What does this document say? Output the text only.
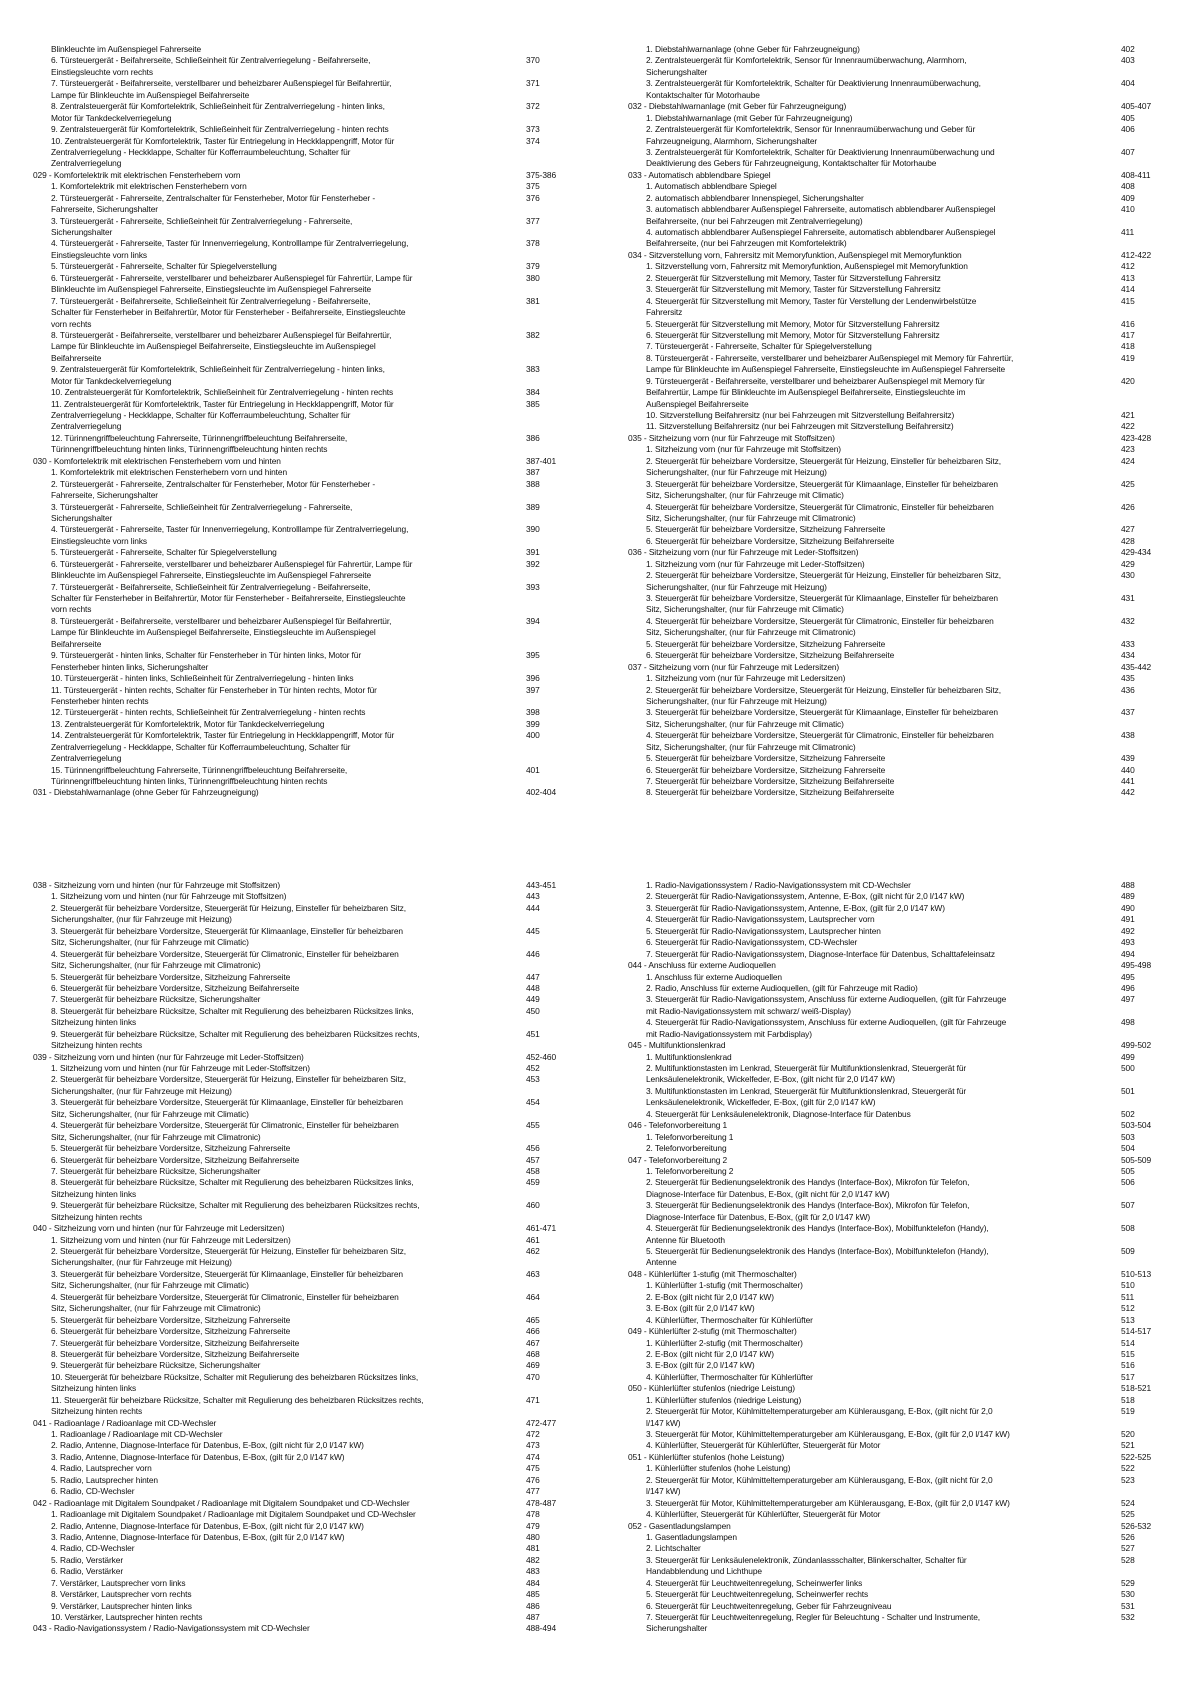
Blinkleuchte im Außenspiegel Fahrerseite
6. Türsteuergerät - Beifahrerseite, Schließeinheit für Zentralverriegelung - Beifahrerseite,	370
Einstiegsleuchte vorn rechts
7. Türsteuergerät - Beifahrerseite, verstellbarer und beheizbarer Außenspiegel für Beifahrertür,	371
Lampe für Blinkleuchte im Außenspiegel Beifahrerseite
8. Zentralsteuergerät für Komfortelektrik, Schließeinheit für Zentralverriegelung - hinten links,	372
Motor für Tankdeckelverriegelung
9. Zentralsteuergerät für Komfortelektrik, Schließeinheit für Zentralverriegelung - hinten rechts	373
10. Zentralsteuergerät für Komfortelektrik, Taster für Entriegelung in Heckklappengriff, Motor für	374
Zentralverriegelung - Heckklappe, Schalter für Kofferraumbeleuchtung, Schalter für
Zentralverriegelung
029 - Komfortelektrik mit elektrischen Fensterhebern vorn	375-386
1. Komfortelektrik mit elektrischen Fensterhebern vorn	375
2. Türsteuergerät - Fahrerseite, Zentralschalter für Fensterheber, Motor für Fensterheber -	376
Fahrerseite, Sicherungshalter
3. Türsteuergerät - Fahrerseite, Schließeinheit für Zentralverriegelung - Fahrerseite,	377
Sicherungshalter
4. Türsteuergerät - Fahrerseite, Taster für Innenverriegelung, Kontrolllampe für Zentralverriegelung,	378
Einstiegsleuchte vorn links
5. Türsteuergerät - Fahrerseite, Schalter für Spiegelverstellung	379
6. Türsteuergerät - Fahrerseite, verstellbarer und beheizbarer Außenspiegel für Fahrertür, Lampe für	380
Blinkleuchte im Außenspiegel Fahrerseite, Einstiegsleuchte im Außenspiegel Fahrerseite
7. Türsteuergerät - Beifahrerseite, Schließeinheit für Zentralverriegelung - Beifahrerseite,	381
Schalter für Fensterheber in Beifahrertür, Motor für Fensterheber - Beifahrerseite, Einstiegsleuchte
vorn rechts
8. Türsteuergerät - Beifahrerseite, verstellbarer und beheizbarer Außenspiegel für Beifahrertür,	382
Lampe für Blinkleuchte im Außenspiegel Beifahrerseite, Einstiegsleuchte im Außenspiegel
Beifahrerseite
9. Zentralsteuergerät für Komfortelektrik, Schließeinheit für Zentralverriegelung - hinten links,	383
Motor für Tankdeckelverriegelung
10. Zentralsteuergerät für Komfortelektrik, Schließeinheit für Zentralverriegelung - hinten rechts	384
11. Zentralsteuergerät für Komfortelektrik, Taster für Entriegelung in Heckklappengriff, Motor für	385
Zentralverriegelung - Heckklappe, Schalter für Kofferraumbeleuchtung, Schalter für
Zentralverriegelung
12. Türinnengriffbeleuchtung Fahrerseite, Türinnengriffbeleuchtung Beifahrerseite,	386
Türinnengriffbeleuchtung hinten links, Türinnengriffbeleuchtung hinten rechts
030 - Komfortelektrik mit elektrischen Fensterhebern vorn und hinten	387-401
1. Komfortelektrik mit elektrischen Fensterhebern vorn und hinten	387
2. Türsteuergerät - Fahrerseite, Zentralschalter für Fensterheber, Motor für Fensterheber -	388
Fahrerseite, Sicherungshalter
3. Türsteuergerät - Fahrerseite, Schließeinheit für Zentralverriegelung - Fahrerseite,	389
Sicherungshalter
4. Türsteuergerät - Fahrerseite, Taster für Innenverriegelung, Kontrolllampe für Zentralverriegelung,	390
Einstiegsleuchte vorn links
5. Türsteuergerät - Fahrerseite, Schalter für Spiegelverstellung	391
6. Türsteuergerät - Fahrerseite, verstellbarer und beheizbarer Außenspiegel für Fahrertür, Lampe für	392
Blinkleuchte im Außenspiegel Fahrerseite, Einstiegsleuchte im Außenspiegel Fahrerseite
7. Türsteuergerät - Beifahrerseite, Schließeinheit für Zentralverriegelung - Beifahrerseite,	393
Schalter für Fensterheber in Beifahrertür, Motor für Fensterheber - Beifahrerseite, Einstiegsleuchte
vorn rechts
8. Türsteuergerät - Beifahrerseite, verstellbarer und beheizbarer Außenspiegel für Beifahrertür,	394
Lampe für Blinkleuchte im Außenspiegel Beifahrerseite, Einstiegsleuchte im Außenspiegel
Beifahrerseite
9. Türsteuergerät - hinten links, Schalter für Fensterheber in Tür hinten links, Motor für	395
Fensterheber hinten links, Sicherungshalter
10. Türsteuergerät - hinten links, Schließeinheit für Zentralverriegelung - hinten links	396
11. Türsteuergerät - hinten rechts, Schalter für Fensterheber in Tür hinten rechts, Motor für	397
Fensterheber hinten rechts
12. Türsteuergerät - hinten rechts, Schließeinheit für Zentralverriegelung - hinten rechts	398
13. Zentralsteuergerät für Komfortelektrik, Motor für Tankdeckelverriegelung	399
14. Zentralsteuergerät für Komfortelektrik, Taster für Entriegelung in Heckklappengriff, Motor für	400
Zentralverriegelung - Heckklappe, Schalter für Kofferraumbeleuchtung, Schalter für
Zentralverriegelung
15. Türinnengriffbeleuchtung Fahrerseite, Türinnengriffbeleuchtung Beifahrerseite,	401
Türinnengriffbeleuchtung hinten links, Türinnengriffbeleuchtung hinten rechts
031 - Diebstahlwarnanlage (ohne Geber für Fahrzeugneigung)	402-404
1. Diebstahlwarnanlage (ohne Geber für Fahrzeugneigung)	402
2. Zentralsteuergerät für Komfortelektrik, Sensor für Innenraumüberwachung, Alarmhorn,	403
Sicherungshalter
3. Zentralsteuergerät für Komfortelektrik, Schalter für Deaktivierung Innenraumüberwachung,	404
Kontaktschalter für Motorhaube
032 - Diebstahlwarnanlage (mit Geber für Fahrzeugneigung)	405-407
1. Diebstahlwarnanlage (mit Geber für Fahrzeugneigung)	405
2. Zentralsteuergerät für Komfortelektrik, Sensor für Innenraumüberwachung und Geber für	406
Fahrzeugneigung, Alarmhorn, Sicherungshalter
3. Zentralsteuergerät für Komfortelektrik, Schalter für Deaktivierung Innenraumüberwachung und	407
Deaktivierung des Gebers für Fahrzeugneigung, Kontaktschalter für Motorhaube
033 - Automatisch abblendbare Spiegel	408-411
1. Automatisch abblendbare Spiegel	408
2. automatisch abblendbarer Innenspiegel, Sicherungshalter	409
3. automatisch abblendbarer Außenspiegel Fahrerseite, automatisch abblendbarer Außenspiegel	410
Beifahrerseite, (nur bei Fahrzeugen mit Zentralverriegelung)
4. automatisch abblendbarer Außenspiegel Fahrerseite, automatisch abblendbarer Außenspiegel	411
Beifahrerseite, (nur bei Fahrzeugen mit Komfortelektrik)
034 - Sitzverstellung vorn, Fahrersitz mit Memoryfunktion, Außenspiegel mit Memoryfunktion	412-422
1. Sitzverstellung vorn, Fahrersitz mit Memoryfunktion, Außenspiegel mit Memoryfunktion	412
2. Steuergerät für Sitzverstellung mit Memory, Taster für Sitzverstellung Fahrersitz	413
3. Steuergerät für Sitzverstellung mit Memory, Taster für Sitzverstellung Fahrersitz	414
4. Steuergerät für Sitzverstellung mit Memory, Taster für Verstellung der Lendenwirbelstütze	415
Fahrersitz
5. Steuergerät für Sitzverstellung mit Memory, Motor für Sitzverstellung Fahrersitz	416
6. Steuergerät für Sitzverstellung mit Memory, Motor für Sitzverstellung Fahrersitz	417
7. Türsteuergerät - Fahrerseite, Schalter für Spiegelverstellung	418
8. Türsteuergerät - Fahrerseite, verstellbarer und beheizbarer Außenspiegel mit Memory für Fahrertür,	419
Lampe für Blinkleuchte im Außenspiegel Fahrerseite, Einstiegsleuchte im Außenspiegel Fahrerseite
9. Türsteuergerät - Beifahrerseite, verstellbarer und beheizbarer Außenspiegel mit Memory für	420
Beifahrertür, Lampe für Blinkleuchte im Außenspiegel Beifahrerseite, Einstiegsleuchte im
Außenspiegel Beifahrerseite
10. Sitzverstellung Beifahrersitz (nur bei Fahrzeugen mit Sitzverstellung Beifahrersitz)	421
11. Sitzverstellung Beifahrersitz (nur bei Fahrzeugen mit Sitzverstellung Beifahrersitz)	422
035 - Sitzheizung vorn (nur für Fahrzeuge mit Stoffsitzen)	423-428
1. Sitzheizung vorn (nur für Fahrzeuge mit Stoffsitzen)	423
2. Steuergerät für beheizbare Vordersitze, Steuergerät für Heizung, Einsteller für beheizbaren Sitz,	424
Sicherungshalter, (nur für Fahrzeuge mit Heizung)
3. Steuergerät für beheizbare Vordersitze, Steuergerät für Klimaanlage, Einsteller für beheizbaren	425
Sitz, Sicherungshalter, (nur für Fahrzeuge mit Climatic)
4. Steuergerät für beheizbare Vordersitze, Steuergerät für Climatronic, Einsteller für beheizbaren	426
Sitz, Sicherungshalter, (nur für Fahrzeuge mit Climatronic)
5. Steuergerät für beheizbare Vordersitze, Sitzheizung Fahrerseite	427
6. Steuergerät für beheizbare Vordersitze, Sitzheizung Beifahrerseite	428
036 - Sitzheizung vorn (nur für Fahrzeuge mit Leder-Stoffsitzen)	429-434
1. Sitzheizung vorn (nur für Fahrzeuge mit Leder-Stoffsitzen)	429
2. Steuergerät für beheizbare Vordersitze, Steuergerät für Heizung, Einsteller für beheizbaren Sitz,	430
Sicherungshalter, (nur für Fahrzeuge mit Heizung)
3. Steuergerät für beheizbare Vordersitze, Steuergerät für Klimaanlage, Einsteller für beheizbaren	431
Sitz, Sicherungshalter, (nur für Fahrzeuge mit Climatic)
4. Steuergerät für beheizbare Vordersitze, Steuergerät für Climatronic, Einsteller für beheizbaren	432
Sitz, Sicherungshalter, (nur für Fahrzeuge mit Climatronic)
5. Steuergerät für beheizbare Vordersitze, Sitzheizung Fahrerseite	433
6. Steuergerät für beheizbare Vordersitze, Sitzheizung Beifahrerseite	434
037 - Sitzheizung vorn (nur für Fahrzeuge mit Ledersitzen)	435-442
1. Sitzheizung vorn (nur für Fahrzeuge mit Ledersitzen)	435
2. Steuergerät für beheizbare Vordersitze, Steuergerät für Heizung, Einsteller für beheizbaren Sitz,	436
Sicherungshalter, (nur für Fahrzeuge mit Heizung)
3. Steuergerät für beheizbare Vordersitze, Steuergerät für Klimaanlage, Einsteller für beheizbaren	437
Sitz, Sicherungshalter, (nur für Fahrzeuge mit Climatic)
4. Steuergerät für beheizbare Vordersitze, Steuergerät für Climatronic, Einsteller für beheizbaren	438
Sitz, Sicherungshalter, (nur für Fahrzeuge mit Climatronic)
5. Steuergerät für beheizbare Vordersitze, Sitzheizung Fahrerseite	439
6. Steuergerät für beheizbare Vordersitze, Sitzheizung Fahrerseite	440
7. Steuergerät für beheizbare Vordersitze, Sitzheizung Beifahrerseite	441
8. Steuergerät für beheizbare Vordersitze, Sitzheizung Beifahrerseite	442
038 - Sitzheizung vorn und hinten (nur für Fahrzeuge mit Stoffsitzen)	443-451
1. Sitzheizung vorn und hinten (nur für Fahrzeuge mit Stoffsitzen)	443
2. Steuergerät für beheizbare Vordersitze, Steuergerät für Heizung, Einsteller für beheizbaren Sitz,	444
Sicherungshalter, (nur für Fahrzeuge mit Heizung)
3. Steuergerät für beheizbare Vordersitze, Steuergerät für Klimaanlage, Einsteller für beheizbaren	445
Sitz, Sicherungshalter, (nur für Fahrzeuge mit Climatic)
4. Steuergerät für beheizbare Vordersitze, Steuergerät für Climatronic, Einsteller für beheizbaren	446
Sitz, Sicherungshalter, (nur für Fahrzeuge mit Climatronic)
5. Steuergerät für beheizbare Vordersitze, Sitzheizung Fahrerseite	447
6. Steuergerät für beheizbare Vordersitze, Sitzheizung Beifahrerseite	448
7. Steuergerät für beheizbare Rücksitze, Sicherungshalter	449
8. Steuergerät für beheizbare Rücksitze, Schalter mit Regulierung des beheizbaren Rücksitzes links,	450
Sitzheizung hinten links
9. Steuergerät für beheizbare Rücksitze, Schalter mit Regulierung des beheizbaren Rücksitzes rechts,	451
Sitzheizung hinten rechts
039 - Sitzheizung vorn und hinten (nur für Fahrzeuge mit Leder-Stoffsitzen)	452-460
1. Sitzheizung vorn und hinten (nur für Fahrzeuge mit Leder-Stoffsitzen)	452
2. Steuergerät für beheizbare Vordersitze, Steuergerät für Heizung, Einsteller für beheizbaren Sitz,	453
Sicherungshalter, (nur für Fahrzeuge mit Heizung)
3. Steuergerät für beheizbare Vordersitze, Steuergerät für Klimaanlage, Einsteller für beheizbaren	454
Sitz, Sicherungshalter, (nur für Fahrzeuge mit Climatic)
4. Steuergerät für beheizbare Vordersitze, Steuergerät für Climatronic, Einsteller für beheizbaren	455
Sitz, Sicherungshalter, (nur für Fahrzeuge mit Climatronic)
5. Steuergerät für beheizbare Vordersitze, Sitzheizung Fahrerseite	456
6. Steuergerät für beheizbare Vordersitze, Sitzheizung Beifahrerseite	457
7. Steuergerät für beheizbare Rücksitze, Sicherungshalter	458
8. Steuergerät für beheizbare Rücksitze, Schalter mit Regulierung des beheizbaren Rücksitzes links,	459
Sitzheizung hinten links
9. Steuergerät für beheizbare Rücksitze, Schalter mit Regulierung des beheizbaren Rücksitzes rechts,	460
Sitzheizung hinten rechts
040 - Sitzheizung vorn und hinten (nur für Fahrzeuge mit Ledersitzen)	461-471
1. Sitzheizung vorn und hinten (nur für Fahrzeuge mit Ledersitzen)	461
2. Steuergerät für beheizbare Vordersitze, Steuergerät für Heizung, Einsteller für beheizbaren Sitz,	462
Sicherungshalter, (nur für Fahrzeuge mit Heizung)
3. Steuergerät für beheizbare Vordersitze, Steuergerät für Klimaanlage, Einsteller für beheizbaren	463
Sitz, Sicherungshalter, (nur für Fahrzeuge mit Climatic)
4. Steuergerät für beheizbare Vordersitze, Steuergerät für Climatronic, Einsteller für beheizbaren	464
Sitz, Sicherungshalter, (nur für Fahrzeuge mit Climatronic)
5. Steuergerät für beheizbare Vordersitze, Sitzheizung Fahrerseite	465
6. Steuergerät für beheizbare Vordersitze, Sitzheizung Fahrerseite	466
7. Steuergerät für beheizbare Vordersitze, Sitzheizung Beifahrerseite	467
8. Steuergerät für beheizbare Vordersitze, Sitzheizung Beifahrerseite	468
9. Steuergerät für beheizbare Rücksitze, Sicherungshalter	469
10. Steuergerät für beheizbare Rücksitze, Schalter mit Regulierung des beheizbaren Rücksitzes links,	470
Sitzheizung hinten links
11. Steuergerät für beheizbare Rücksitze, Schalter mit Regulierung des beheizbaren Rücksitzes rechts,	471
Sitzheizung hinten rechts
041 - Radioanlage / Radioanlage mit CD-Wechsler	472-477
1. Radioanlage / Radioanlage mit CD-Wechsler	472
2. Radio, Antenne, Diagnose-Interface für Datenbus, E-Box, (gilt nicht für 2,0 l/147 kW)	473
3. Radio, Antenne, Diagnose-Interface für Datenbus, E-Box, (gilt für 2,0 l/147 kW)	474
4. Radio, Lautsprecher vorn	475
5. Radio, Lautsprecher hinten	476
6. Radio, CD-Wechsler	477
042 - Radioanlage mit Digitalem Soundpaket / Radioanlage mit Digitalem Soundpaket und CD-Wechsler	478-487
1. Radioanlage mit Digitalem Soundpaket / Radioanlage mit Digitalem Soundpaket und CD-Wechsler	478
2. Radio, Antenne, Diagnose-Interface für Datenbus, E-Box, (gilt nicht für 2,0 l/147 kW)	479
3. Radio, Antenne, Diagnose-Interface für Datenbus, E-Box, (gilt für 2,0 l/147 kW)	480
4. Radio, CD-Wechsler	481
5. Radio, Verstärker	482
6. Radio, Verstärker	483
7. Verstärker, Lautsprecher vorn links	484
8. Verstärker, Lautsprecher vorn rechts	485
9. Verstärker, Lautsprecher hinten links	486
10. Verstärker, Lautsprecher hinten rechts	487
043 - Radio-Navigationssystem / Radio-Navigationssystem mit CD-Wechsler	488-494
1. Radio-Navigationssystem / Radio-Navigationssystem mit CD-Wechsler	488
2. Steuergerät für Radio-Navigationssystem, Antenne, E-Box, (gilt nicht für 2,0 l/147 kW)	489
3. Steuergerät für Radio-Navigationssystem, Antenne, E-Box, (gilt für 2,0 l/147 kW)	490
4. Steuergerät für Radio-Navigationssystem, Lautsprecher vorn	491
5. Steuergerät für Radio-Navigationssystem, Lautsprecher hinten	492
6. Steuergerät für Radio-Navigationssystem, CD-Wechsler	493
7. Steuergerät für Radio-Navigationssystem, Diagnose-Interface für Datenbus, Schalttafeleinsatz	494
044 - Anschluss für externe Audioquellen	495-498
1. Anschluss für externe Audioquellen	495
2. Radio, Anschluss für externe Audioquellen, (gilt für Fahrzeuge mit Radio)	496
3. Steuergerät für Radio-Navigationssystem, Anschluss für externe Audioquellen, (gilt für Fahrzeuge	497
mit Radio-Navigationssystem mit schwarz/ weiß-Display)
4. Steuergerät für Radio-Navigationssystem, Anschluss für externe Audioquellen, (gilt für Fahrzeuge	498
mit Radio-Navigationssystem mit Farbdisplay)
045 - Multifunktionslenkrad	499-502
1. Multifunktionslenkrad	499
2. Multifunktionstasten im Lenkrad, Steuergerät für Multifunktionslenkrad, Steuergerät für	500
Lenksäulenelektronik, Wickelfeder, E-Box, (gilt nicht für 2,0 l/147 kW)
3. Multifunktionstasten im Lenkrad, Steuergerät für Multifunktionslenkrad, Steuergerät für	501
Lenksäulenelektronik, Wickelfeder, E-Box, (gilt für 2,0 l/147 kW)
4. Steuergerät für Lenksäulenelektronik, Diagnose-Interface für Datenbus	502
046 - Telefonvorbereitung 1	503-504
1. Telefonvorbereitung 1	503
2. Telefonvorbereitung	504
047 - Telefonvorbereitung 2	505-509
1. Telefonvorbereitung 2	505
2. Steuergerät für Bedienungselektronik des Handys (Interface-Box), Mikrofon für Telefon,	506
Diagnose-Interface für Datenbus, E-Box, (gilt nicht für 2,0 l/147 kW)
3. Steuergerät für Bedienungselektronik des Handys (Interface-Box), Mikrofon für Telefon,	507
Diagnose-Interface für Datenbus, E-Box, (gilt für 2,0 l/147 kW)
4. Steuergerät für Bedienungselektronik des Handys (Interface-Box), Mobilfunktelefon (Handy),	508
Antenne für Bluetooth
5. Steuergerät für Bedienungselektronik des Handys (Interface-Box), Mobilfunktelefon (Handy),	509
Antenne
048 - Kühlerlüfter 1-stufig (mit Thermoschalter)	510-513
1. Kühlerlüfter 1-stufig (mit Thermoschalter)	510
2. E-Box (gilt nicht für 2,0 l/147 kW)	511
3. E-Box (gilt für 2,0 l/147 kW)	512
4. Kühlerlüfter, Thermoschalter für Kühlerlüfter	513
049 - Kühlerlüfter 2-stufig (mit Thermoschalter)	514-517
1. Kühlerlüfter 2-stufig (mit Thermoschalter)	514
2. E-Box (gilt nicht für 2,0 l/147 kW)	515
3. E-Box (gilt für 2,0 l/147 kW)	516
4. Kühlerlüfter, Thermoschalter für Kühlerlüfter	517
050 - Kühlerlüfter stufenlos (niedrige Leistung)	518-521
1. Kühlerlüfter stufenlos (niedrige Leistung)	518
2. Steuergerät für Motor, Kühlmitteltemperaturgeber am Kühlerausgang, E-Box, (gilt nicht für 2,0	519
l/147 kW)
3. Steuergerät für Motor, Kühlmitteltemperaturgeber am Kühlerausgang, E-Box, (gilt für 2,0 l/147 kW)	520
4. Kühlerlüfter, Steuergerät für Kühlerlüfter, Steuergerät für Motor	521
051 - Kühlerlüfter stufenlos (hohe Leistung)	522-525
1. Kühlerlüfter stufenlos (hohe Leistung)	522
2. Steuergerät für Motor, Kühlmitteltemperaturgeber am Kühlerausgang, E-Box, (gilt nicht für 2,0	523
l/147 kW)
3. Steuergerät für Motor, Kühlmitteltemperaturgeber am Kühlerausgang, E-Box, (gilt für 2,0 l/147 kW)	524
4. Kühlerlüfter, Steuergerät für Kühlerlüfter, Steuergerät für Motor	525
052 - Gasentladungslampen	526-532
1. Gasentladungslampen	526
2. Lichtschalter	527
3. Steuergerät für Lenksäulenelektronik, Zündanlassschalter, Blinkerschalter, Schalter für	528
Handabblendung und Lichthupe
4. Steuergerät für Leuchtweitenregelung, Scheinwerfer links	529
5. Steuergerät für Leuchtweitenregelung, Scheinwerfer rechts	530
6. Steuergerät für Leuchtweitenregelung, Geber für Fahrzeugniveau	531
7. Steuergerät für Leuchtweitenregelung, Regler für Beleuchtung - Schalter und Instrumente,	532
Sicherungshalter
